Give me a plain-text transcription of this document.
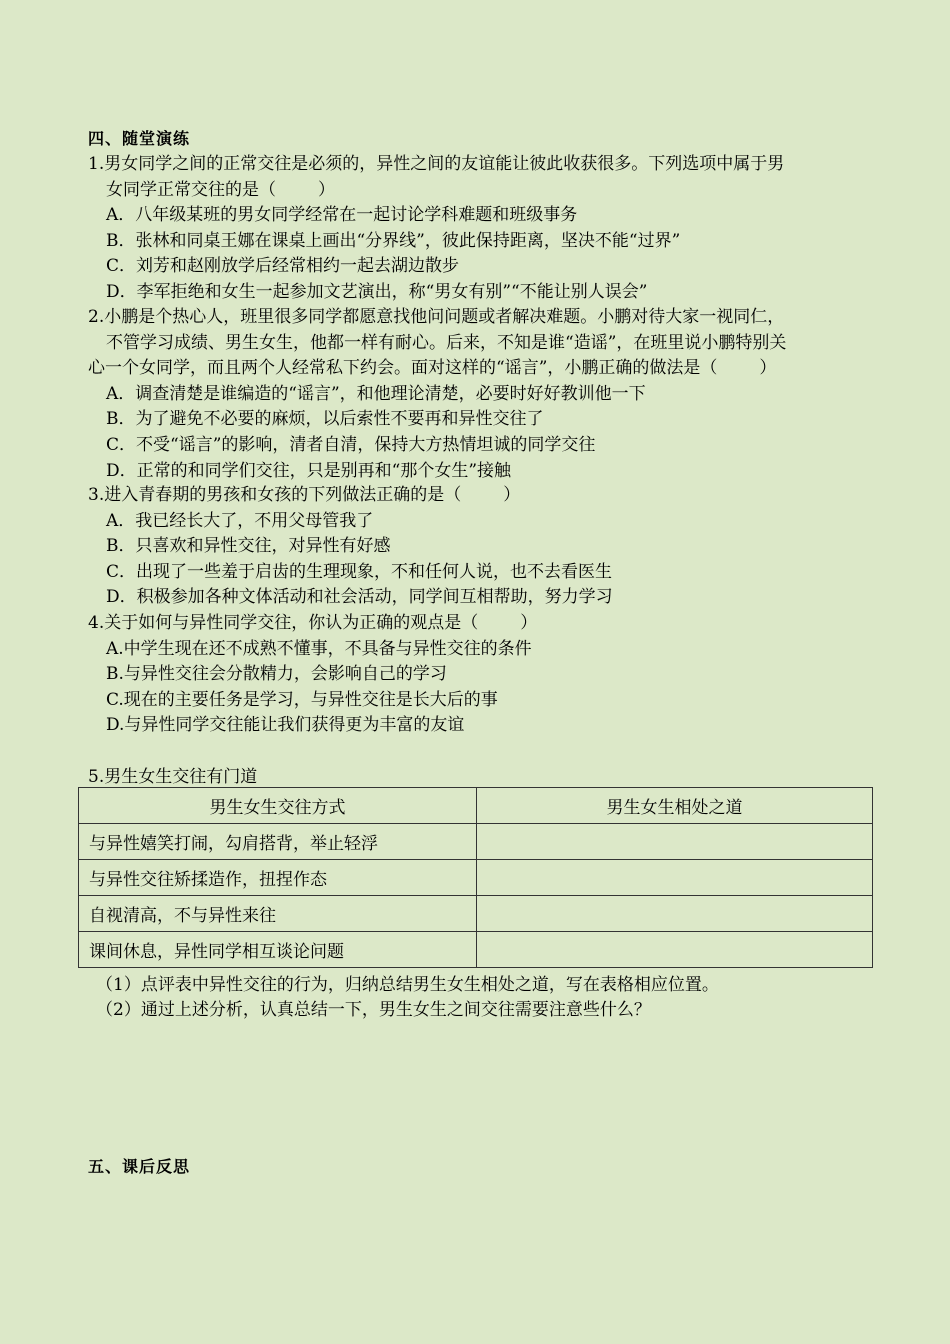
四、随堂演练
1.男女同学之间的正常交往是必须的，异性之间的友谊能让彼此收获很多。下列选项中属于男
女同学正常交往的是（ ）
A．八年级某班的男女同学经常在一起讨论学科难题和班级事务
B．张林和同桌王娜在课桌上画出“分界线”，彼此保持距离，坚决不能“过界”
C．刘芳和赵刚放学后经常相约一起去湖边散步
D．李军拒绝和女生一起参加文艺演出，称“男女有别”“不能让别人误会”
2.小鹏是个热心人，班里很多同学都愿意找他问问题或者解决难题。小鹏对待大家一视同仁，
不管学习成绩、男生女生，他都一样有耐心。后来，不知是谁“造谣”，在班里说小鹏特别关
心一个女同学，而且两个人经常私下约会。面对这样的“谣言”，小鹏正确的做法是（ ）
A．调查清楚是谁编造的“谣言”，和他理论清楚，必要时好好教训他一下
B．为了避免不必要的麻烦，以后索性不要再和异性交往了
C．不受“谣言”的影响，清者自清，保持大方热情坦诚的同学交往
D．正常的和同学们交往，只是别再和“那个女生”接触
3.进入青春期的男孩和女孩的下列做法正确的是（ ）
A．我已经长大了，不用父母管我了
B．只喜欢和异性交往，对异性有好感
C．出现了一些羞于启齿的生理现象，不和任何人说，也不去看医生
D．积极参加各种文体活动和社会活动，同学间互相帮助，努力学习
4.关于如何与异性同学交往，你认为正确的观点是（ ）
A.中学生现在还不成熟不懂事，不具备与异性交往的条件
B.与异性交往会分散精力，会影响自己的学习
C.现在的主要任务是学习，与异性交往是长大后的事
D.与异性同学交往能让我们获得更为丰富的友谊
5.男生女生交往有门道
男生女生交往方式	男生女生相处之道
与异性嬉笑打闹，勾肩搭背，举止轻浮	
与异性交往矫揉造作，扭捏作态	
自视清高，不与异性来往	
课间休息，异性同学相互谈论问题	
（1）点评表中异性交往的行为，归纳总结男生女生相处之道，写在表格相应位置。
（2）通过上述分析，认真总结一下，男生女生之间交往需要注意些什么？
五、课后反思
